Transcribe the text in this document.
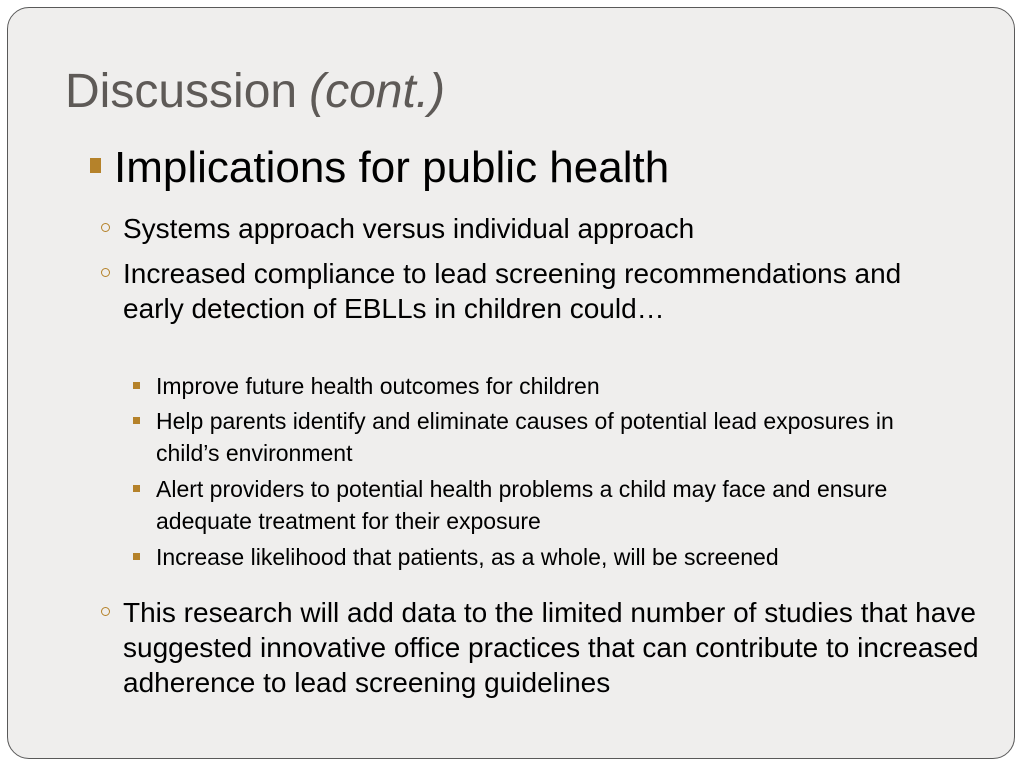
Discussion (cont.)
Implications for public health
Systems approach versus individual approach
Increased compliance to lead screening recommendations and early detection of EBLLs in children could…
Improve future health outcomes for children
Help parents identify and eliminate causes of potential lead exposures in child’s environment
Alert providers to potential health problems a child may face and ensure adequate treatment for their exposure
Increase likelihood that patients, as a whole, will be screened
This research will add data to the limited number of studies that have suggested innovative office practices that can contribute to increased adherence to lead screening guidelines
